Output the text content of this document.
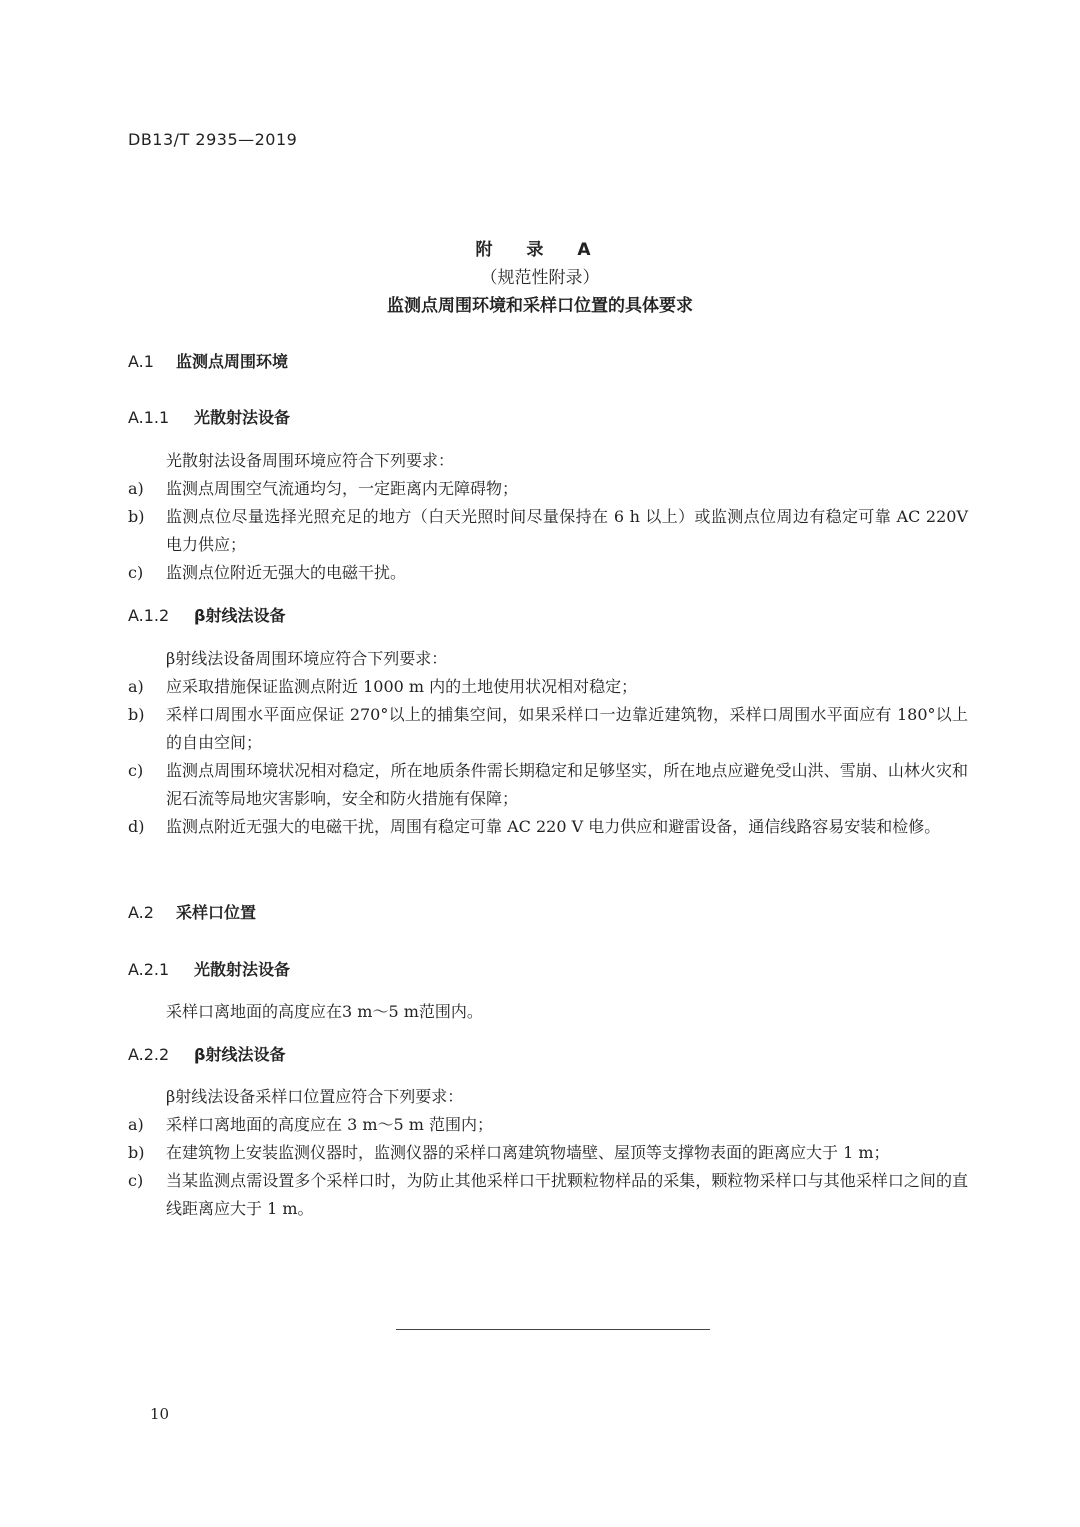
DB13/T 2935—2019
附 录 A
（规范性附录）
监测点周围环境和采样口位置的具体要求
A.1 监测点周围环境
A.1.1 光散射法设备
光散射法设备周围环境应符合下列要求：
a)	监测点周围空气流通均匀，一定距离内无障碍物；
b)	监测点位尽量选择光照充足的地方（白天光照时间尽量保持在 6 h 以上）或监测点位周边有稳定可靠 AC 220V 电力供应；
c)	监测点位附近无强大的电磁干扰。
A.1.2 β射线法设备
β射线法设备周围环境应符合下列要求：
a)	应采取措施保证监测点附近 1000 m 内的土地使用状况相对稳定；
b)	采样口周围水平面应保证 270°以上的捕集空间，如果采样口一边靠近建筑物，采样口周围水平面应有 180°以上的自由空间；
c)	监测点周围环境状况相对稳定，所在地质条件需长期稳定和足够坚实，所在地点应避免受山洪、雪崩、山林火灾和泥石流等局地灾害影响，安全和防火措施有保障；
d)	监测点附近无强大的电磁干扰，周围有稳定可靠 AC 220 V 电力供应和避雷设备，通信线路容易安装和检修。
A.2 采样口位置
A.2.1 光散射法设备
采样口离地面的高度应在3 m～5 m范围内。
A.2.2 β射线法设备
β射线法设备采样口位置应符合下列要求：
a)	采样口离地面的高度应在 3 m～5 m 范围内；
b)	在建筑物上安装监测仪器时，监测仪器的采样口离建筑物墙壁、屋顶等支撑物表面的距离应大于 1 m；
c)	当某监测点需设置多个采样口时，为防止其他采样口干扰颗粒物样品的采集，颗粒物采样口与其他采样口之间的直线距离应大于 1 m。
10
